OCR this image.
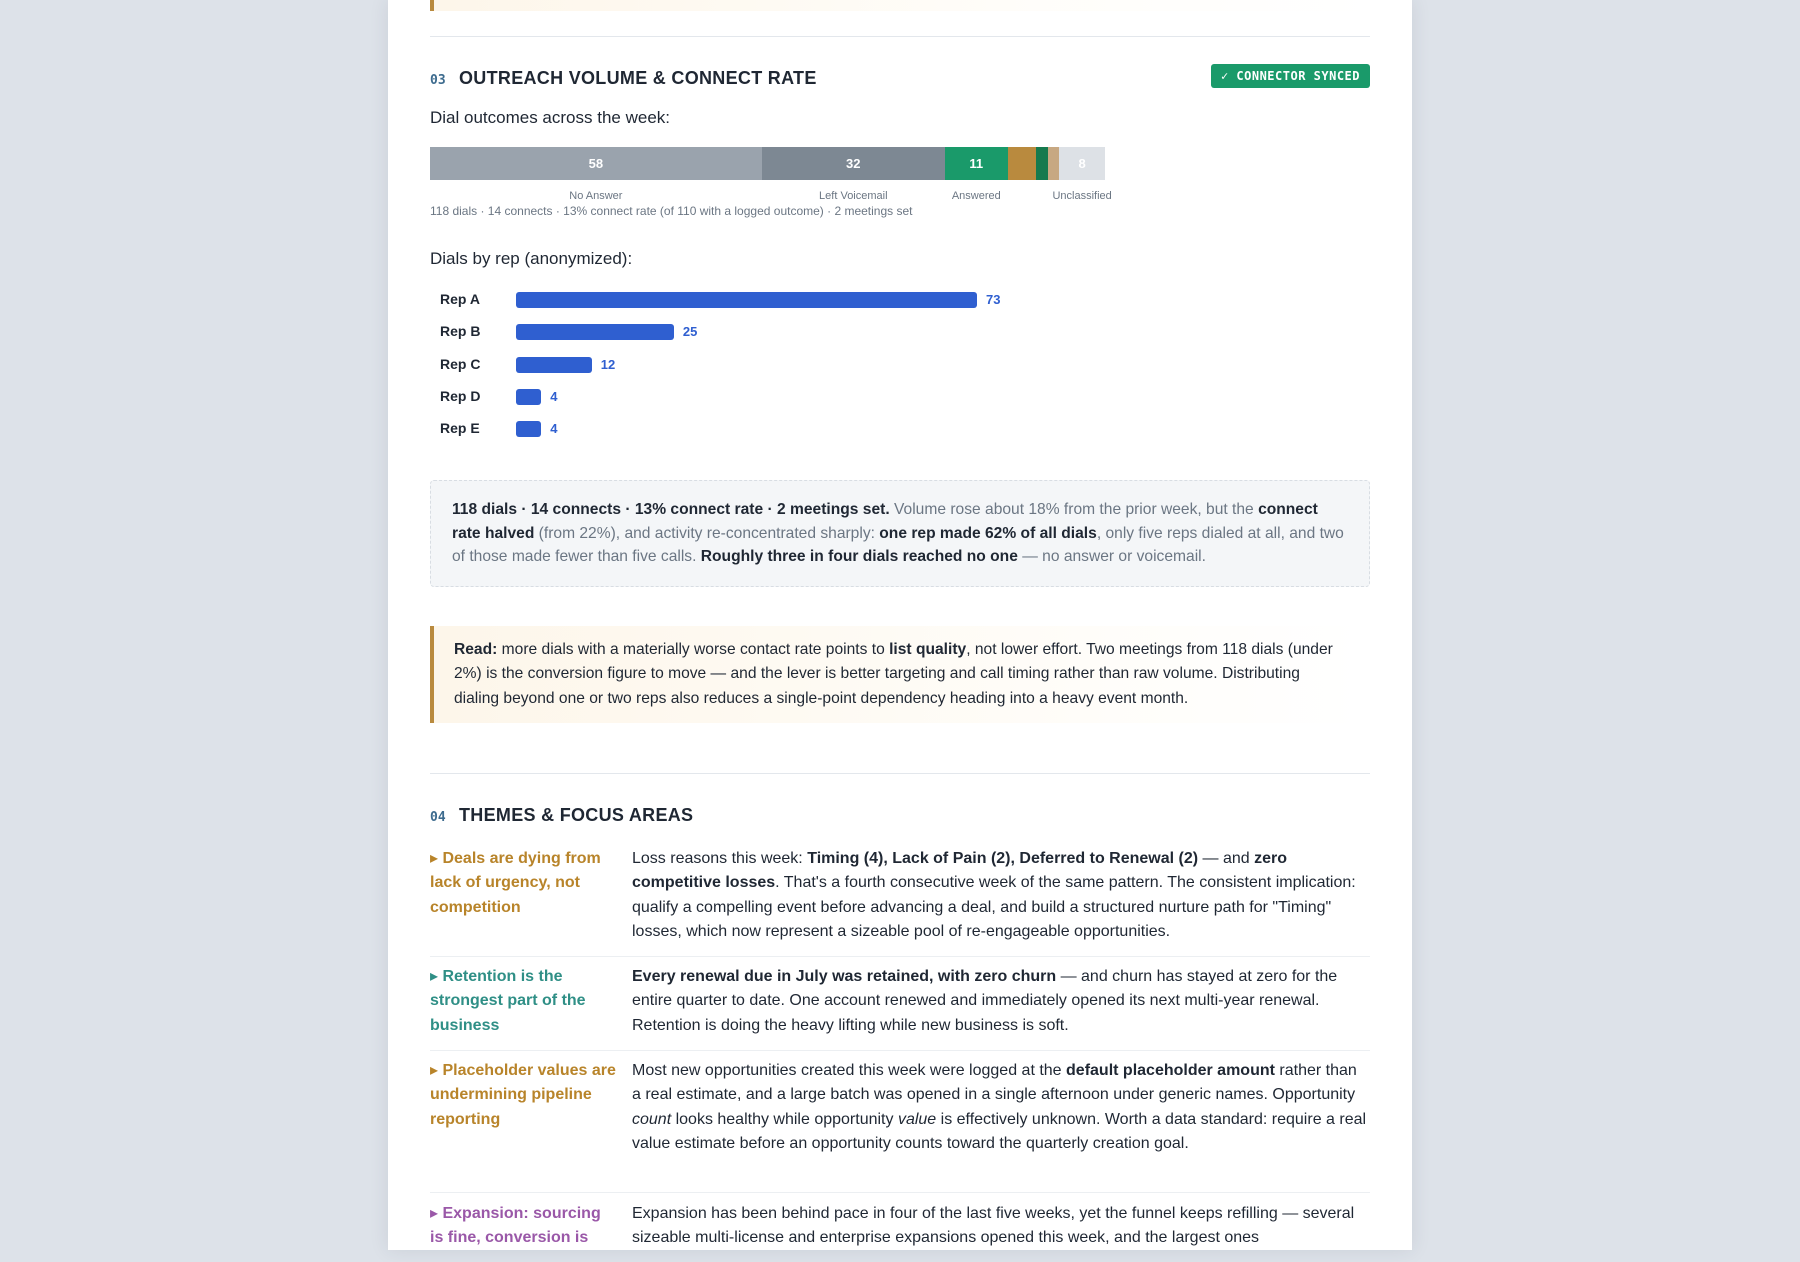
03 OUTREACH VOLUME & CONNECT RATE	✓ CONNECTOR SYNCED
Dial outcomes across the week:
58	32	11	8
No Answer	Left Voicemail	Answered	Unclassified
118 dials · 14 connects · 13% connect rate (of 110 with a logged outcome) · 2 meetings set
Dials by rep (anonymized):
Rep A	73
Rep B	25
Rep C	12
Rep D	4
Rep E	4
118 dials · 14 connects · 13% connect rate · 2 meetings set. Volume rose about 18% from the prior week, but the connect rate halved (from 22%), and activity re-concentrated sharply: one rep made 62% of all dials, only five reps dialed at all, and two of those made fewer than five calls. Roughly three in four dials reached no one — no answer or voicemail.
Read: more dials with a materially worse contact rate points to list quality, not lower effort. Two meetings from 118 dials (under 2%) is the conversion figure to move — and the lever is better targeting and call timing rather than raw volume. Distributing dialing beyond one or two reps also reduces a single-point dependency heading into a heavy event month.
04 THEMES & FOCUS AREAS
▸ Deals are dying from lack of urgency, not competition
Loss reasons this week: Timing (4), Lack of Pain (2), Deferred to Renewal (2) — and zero competitive losses. That's a fourth consecutive week of the same pattern. The consistent implication: qualify a compelling event before advancing a deal, and build a structured nurture path for "Timing" losses, which now represent a sizeable pool of re-engageable opportunities.
▸ Retention is the strongest part of the business
Every renewal due in July was retained, with zero churn — and churn has stayed at zero for the entire quarter to date. One account renewed and immediately opened its next multi-year renewal. Retention is doing the heavy lifting while new business is soft.
▸ Placeholder values are undermining pipeline reporting
Most new opportunities created this week were logged at the default placeholder amount rather than a real estimate, and a large batch was opened in a single afternoon under generic names. Opportunity count looks healthy while opportunity value is effectively unknown. Worth a data standard: require a real value estimate before an opportunity counts toward the quarterly creation goal.
▸ Expansion: sourcing is fine, conversion is
Expansion has been behind pace in four of the last five weeks, yet the funnel keeps refilling — several sizeable multi-license and enterprise expansions opened this week, and the largest ones
